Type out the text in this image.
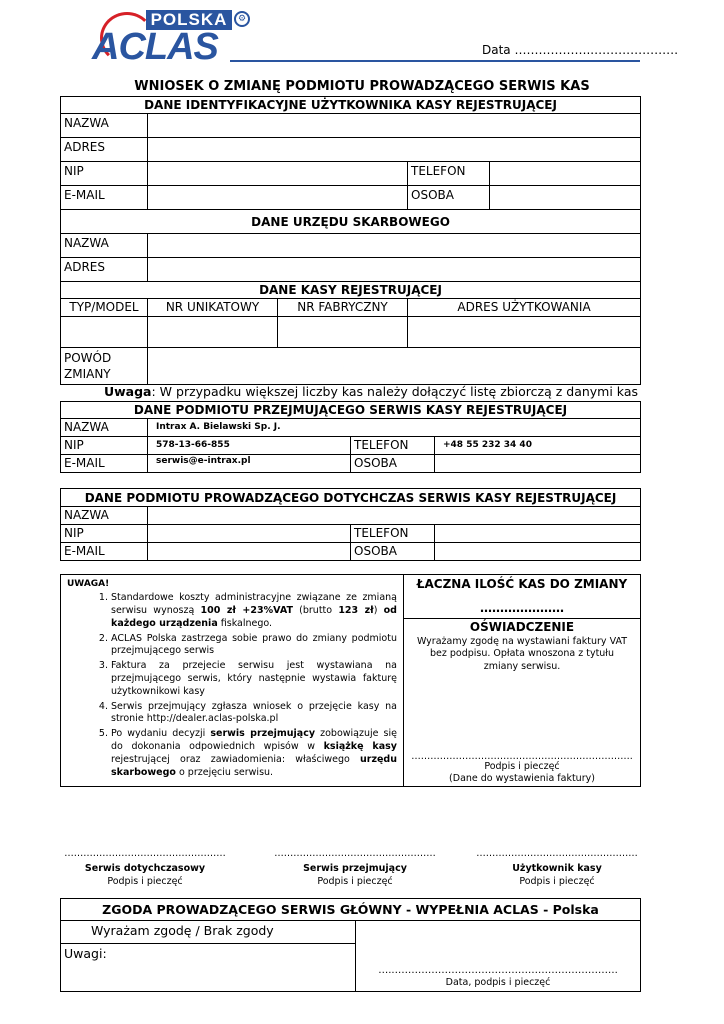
POLSKA
ACLAS
⚙
Data ………………..…………………
WNIOSEK O ZMIANĘ PODMIOTU PROWADZĄCEGO SERWIS KAS
DANE IDENTYFIKACYJNE UŻYTKOWNIKA KASY REJESTRUJĄCEJ				
NAZWA				
ADRES				
NIP			TELEFON	
E-MAIL			OSOBA	
DANE URZĘDU SKARBOWEGO				
NAZWA				
ADRES				
DANE KASY REJESTRUJĄCEJ				
TYP/MODEL	NR UNIKATOWY	NR FABRYCZNY	ADRES UŻYTKOWANIA	

POWÓD
ZMIANY				
Uwaga: W przypadku większej liczby kas należy dołączyć listę zbiorczą z danymi kas
DANE PODMIOTU PRZEJMUJĄCEGO SERWIS KASY REJESTRUJĄCEJ			
NAZWA	Intrax A. Bielawski Sp. J.		
NIP	578-13-66-855	TELEFON	+48 55 232 34 40
E-MAIL	serwis@e-intrax.pl	OSOBA	
DANE PODMIOTU PROWADZĄCEGO DOTYCHCZAS SERWIS KASY REJESTRUJĄCEJ			
NAZWA			
NIP		TELEFON	
E-MAIL		OSOBA	
UWAGA!
1. Standardowe koszty administracyjne związane ze zmianą serwisu wynoszą 100 zł +23%VAT (brutto 123 zł) od każdego urządzenia fiskalnego.
2. ACLAS Polska zastrzega sobie prawo do zmiany podmiotu przejmującego serwis
3. Faktura za przejecie serwisu jest wystawiana na przejmującego serwis, który następnie wystawia fakturę użytkownikowi kasy
4. Serwis przejmujący zgłasza wniosek o przejęcie kasy na stronie http://dealer.aclas-polska.pl
5. Po wydaniu decyzji serwis przejmujący zobowiązuje się do dokonania odpowiednich wpisów w książkę kasy rejestrującej oraz zawiadomienia: właściwego urzędu skarbowego o przejęciu serwisu.

ŁACZNA ILOŚĆ KAS DO ZMIANY
…………………
OŚWIADCZENIE
Wyrażamy zgodę na wystawiani faktury VAT bez podpisu. Opłata wnoszona z tytułu zmiany serwisu.
…………………………………………………………….
Podpis i pieczęć
(Dane do wystawienia faktury)
……………………………………………
Serwis dotychczasowy
Podpis i pieczęć
……………………………………………
Serwis przejmujący
Podpis i pieczęć
……………………………………………
Użytkownik kasy
Podpis i pieczęć
ZGODA PROWADZĄCEGO SERWIS GŁÓWNY - WYPEŁNIA ACLAS - Polska
Wyrażam zgodę / Brak zgody	
…..………………………………………………………….
Data, podpis i pieczęć

Uwagi:
